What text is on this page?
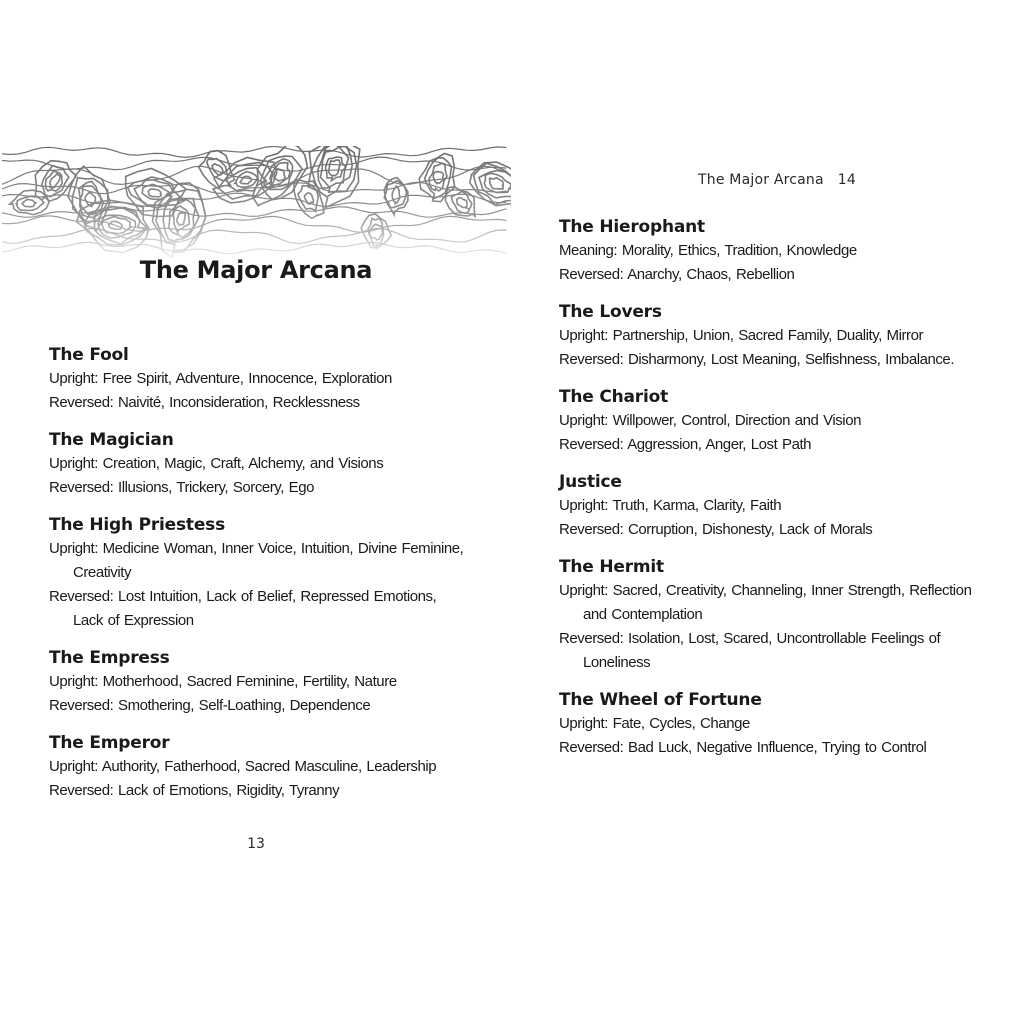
The Major Arcana
The Fool
Upright: Free Spirit, Adventure, Innocence, Exploration
Reversed: Naivité, Inconsideration, Recklessness
The Magician
Upright: Creation, Magic, Craft, Alchemy, and Visions
Reversed: Illusions, Trickery, Sorcery, Ego
The High Priestess
Upright: Medicine Woman, Inner Voice, Intuition, Divine Feminine, Creativity
Reversed: Lost Intuition, Lack of Belief, Repressed Emotions, Lack of Expression
The Empress
Upright: Motherhood, Sacred Feminine, Fertility, Nature
Reversed: Smothering, Self-Loathing, Dependence
The Emperor
Upright: Authority, Fatherhood, Sacred Masculine, Leadership
Reversed: Lack of Emotions, Rigidity, Tyranny
13
The Major Arcana 14
The Hierophant
Meaning: Morality, Ethics, Tradition, Knowledge
Reversed: Anarchy, Chaos, Rebellion
The Lovers
Upright: Partnership, Union, Sacred Family, Duality, Mirror
Reversed: Disharmony, Lost Meaning, Selfishness, Imbalance.
The Chariot
Upright: Willpower, Control, Direction and Vision
Reversed: Aggression, Anger, Lost Path
Justice
Upright: Truth, Karma, Clarity, Faith
Reversed: Corruption, Dishonesty, Lack of Morals
The Hermit
Upright: Sacred, Creativity, Channeling, Inner Strength, Reflection and Contemplation
Reversed: Isolation, Lost, Scared, Uncontrollable Feelings of Loneliness
The Wheel of Fortune
Upright: Fate, Cycles, Change
Reversed: Bad Luck, Negative Influence, Trying to Control
